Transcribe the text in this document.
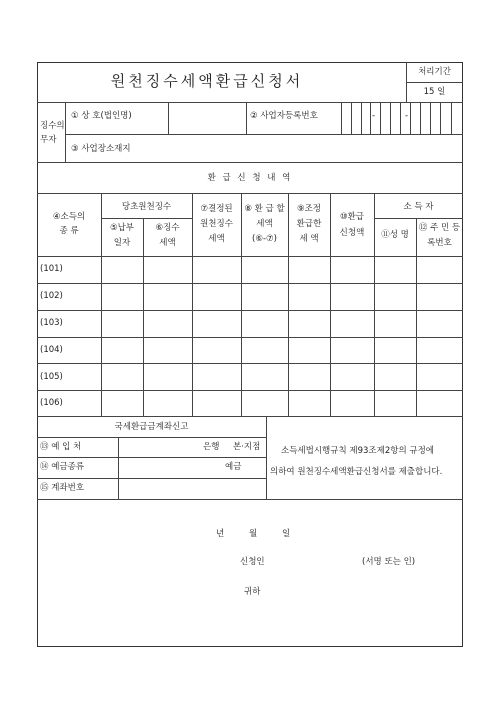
원천징수세액환급신청서	처리기간
15 일
징수의
무자
① 상 호(법인명)	② 사업자등록번호	-	-
③ 사업장소재지
환 급 신 청 내 역
④소득의
종 류
당초원천징수
⑤납부
일자
⑥징수
세액
⑦결정된
원천징수
세액
⑧ 환 급 할
세액
(⑥-⑦)
⑨조정
환급한
세 액
⑩환급
신청액
소 득 자
⑪성 명
⑫ 주 민 등
록번호
(101)
(102)
(103)
(104)
(105)
(106)
국세환급금계좌신고
⑬ 예 입 처	은행 본·지점
⑭ 예금종류	예금
⑮ 계좌번호
소득세법시행규칙 제93조제2항의 규정에
의하여 원천징수세액환급신청서를 제출합니다.
년	월	일
신청인	(서명 또는 인)
귀하
